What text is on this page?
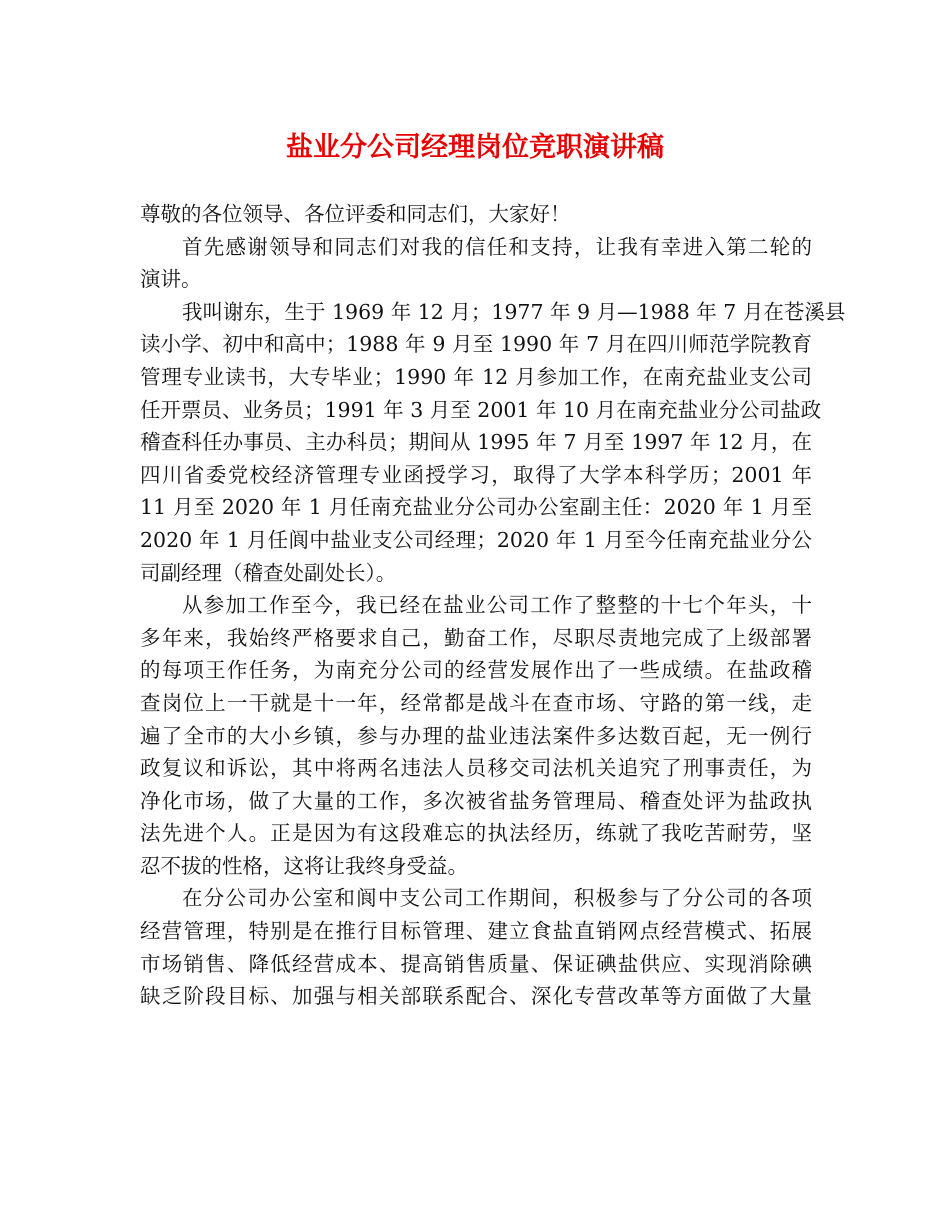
盐业分公司经理岗位竞职演讲稿
尊敬的各位领导、各位评委和同志们，大家好！
首先感谢领导和同志们对我的信任和支持，让我有幸进入第二轮的
演讲。
我叫谢东，生于 1969 年 12 月；1977 年 9 月—1988 年 7 月在苍溪县
读小学、初中和高中；1988 年 9 月至 1990 年 7 月在四川师范学院教育
管理专业读书，大专毕业；1990 年 12 月参加工作，在南充盐业支公司
任开票员、业务员；1991 年 3 月至 2001 年 10 月在南充盐业分公司盐政
稽查科任办事员、主办科员；期间从 1995 年 7 月至 1997 年 12 月，在
四川省委党校经济管理专业函授学习，取得了大学本科学历；2001 年
11 月至 2020 年 1 月任南充盐业分公司办公室副主任：2020 年 1 月至
2020 年 1 月任阆中盐业支公司经理；2020 年 1 月至今任南充盐业分公
司副经理（稽查处副处长）。
从参加工作至今，我已经在盐业公司工作了整整的十七个年头，十
多年来，我始终严格要求自己，勤奋工作，尽职尽责地完成了上级部署
的每项王作任务，为南充分公司的经营发展作出了一些成绩。在盐政稽
查岗位上一干就是十一年，经常都是战斗在查市场、守路的第一线，走
遍了全市的大小乡镇，参与办理的盐业违法案件多达数百起，无一例行
政复议和诉讼，其中将两名违法人员移交司法机关追究了刑事责任，为
净化市场，做了大量的工作，多次被省盐务管理局、稽查处评为盐政执
法先进个人。正是因为有这段难忘的执法经历，练就了我吃苦耐劳，坚
忍不拔的性格，这将让我终身受益。
在分公司办公室和阆中支公司工作期间，积极参与了分公司的各项
经营管理，特别是在推行目标管理、建立食盐直销网点经营模式、拓展
市场销售、降低经营成本、提高销售质量、保证碘盐供应、实现消除碘
缺乏阶段目标、加强与相关部联系配合、深化专营改革等方面做了大量
